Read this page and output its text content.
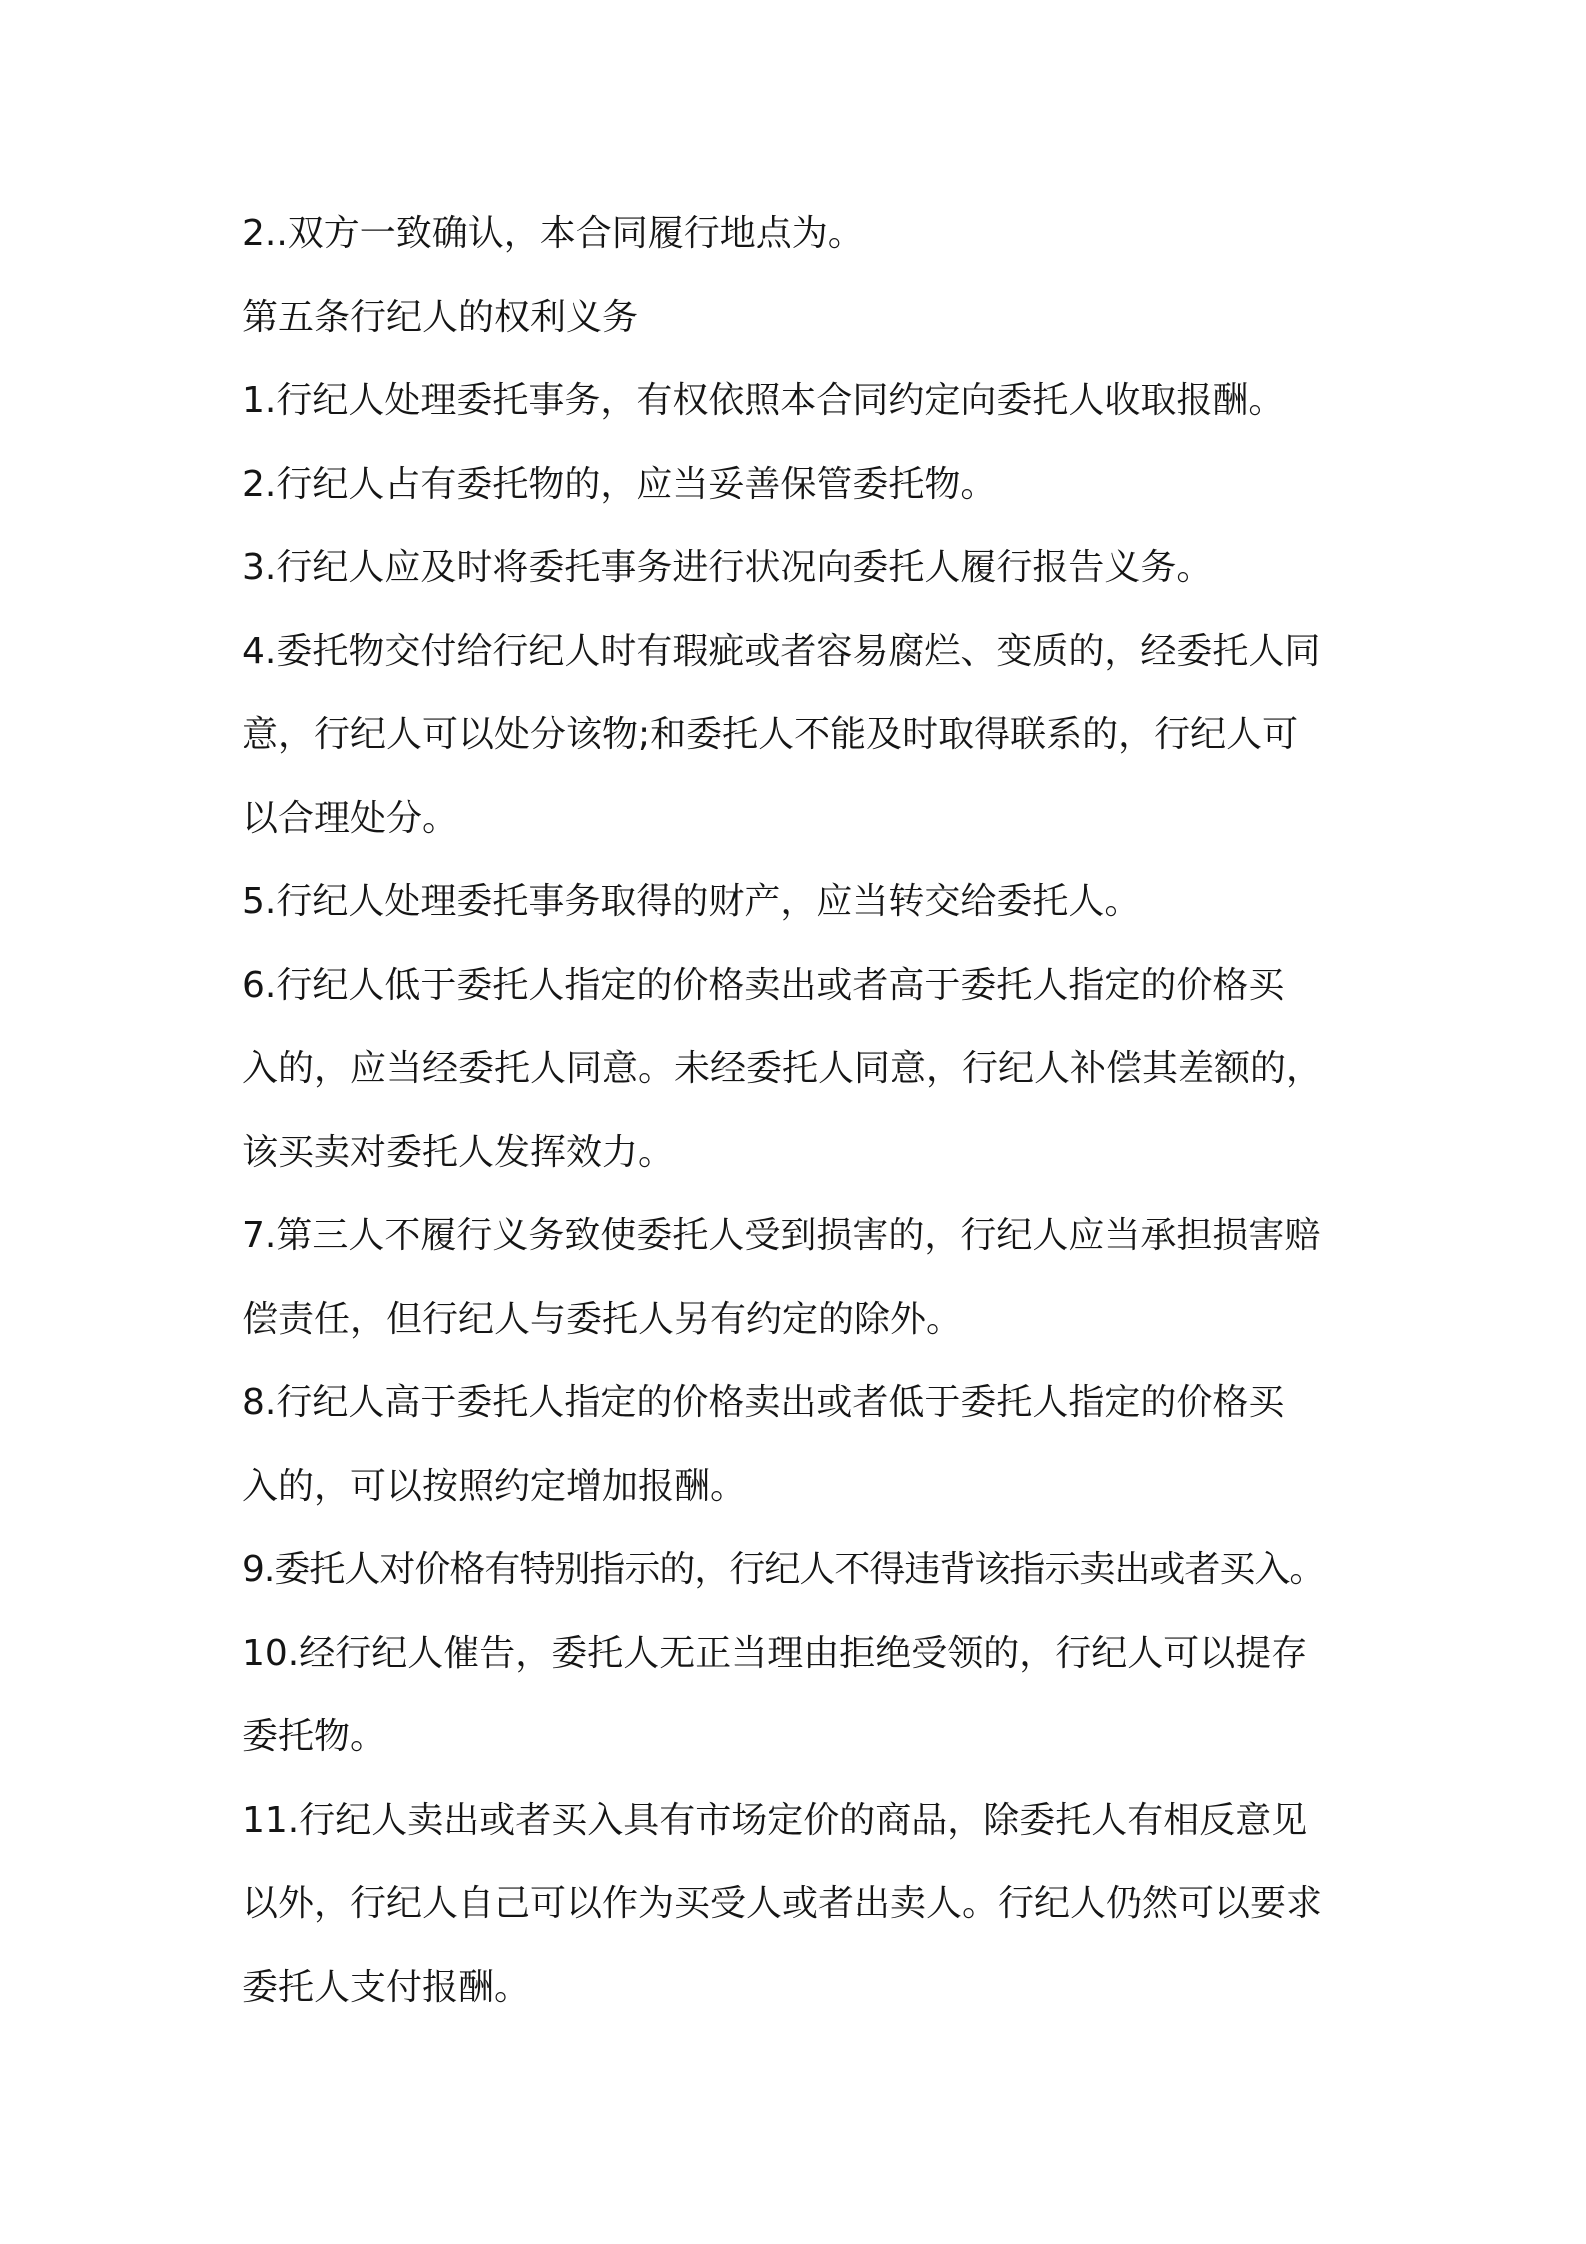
2..双方一致确认，本合同履行地点为。
第五条行纪人的权利义务
1.行纪人处理委托事务，有权依照本合同约定向委托人收取报酬。
2.行纪人占有委托物的，应当妥善保管委托物。
3.行纪人应及时将委托事务进行状况向委托人履行报告义务。
4.委托物交付给行纪人时有瑕疵或者容易腐烂、变质的，经委托人同
意，行纪人可以处分该物;和委托人不能及时取得联系的，行纪人可
以合理处分。
5.行纪人处理委托事务取得的财产，应当转交给委托人。
6.行纪人低于委托人指定的价格卖出或者高于委托人指定的价格买
入的，应当经委托人同意。未经委托人同意，行纪人补偿其差额的，
该买卖对委托人发挥效力。
7.第三人不履行义务致使委托人受到损害的，行纪人应当承担损害赔
偿责任，但行纪人与委托人另有约定的除外。
8.行纪人高于委托人指定的价格卖出或者低于委托人指定的价格买
入的，可以按照约定增加报酬。
9.委托人对价格有特别指示的，行纪人不得违背该指示卖出或者买入。
10.经行纪人催告，委托人无正当理由拒绝受领的，行纪人可以提存
委托物。
11.行纪人卖出或者买入具有市场定价的商品，除委托人有相反意见
以外，行纪人自己可以作为买受人或者出卖人。行纪人仍然可以要求
委托人支付报酬。
